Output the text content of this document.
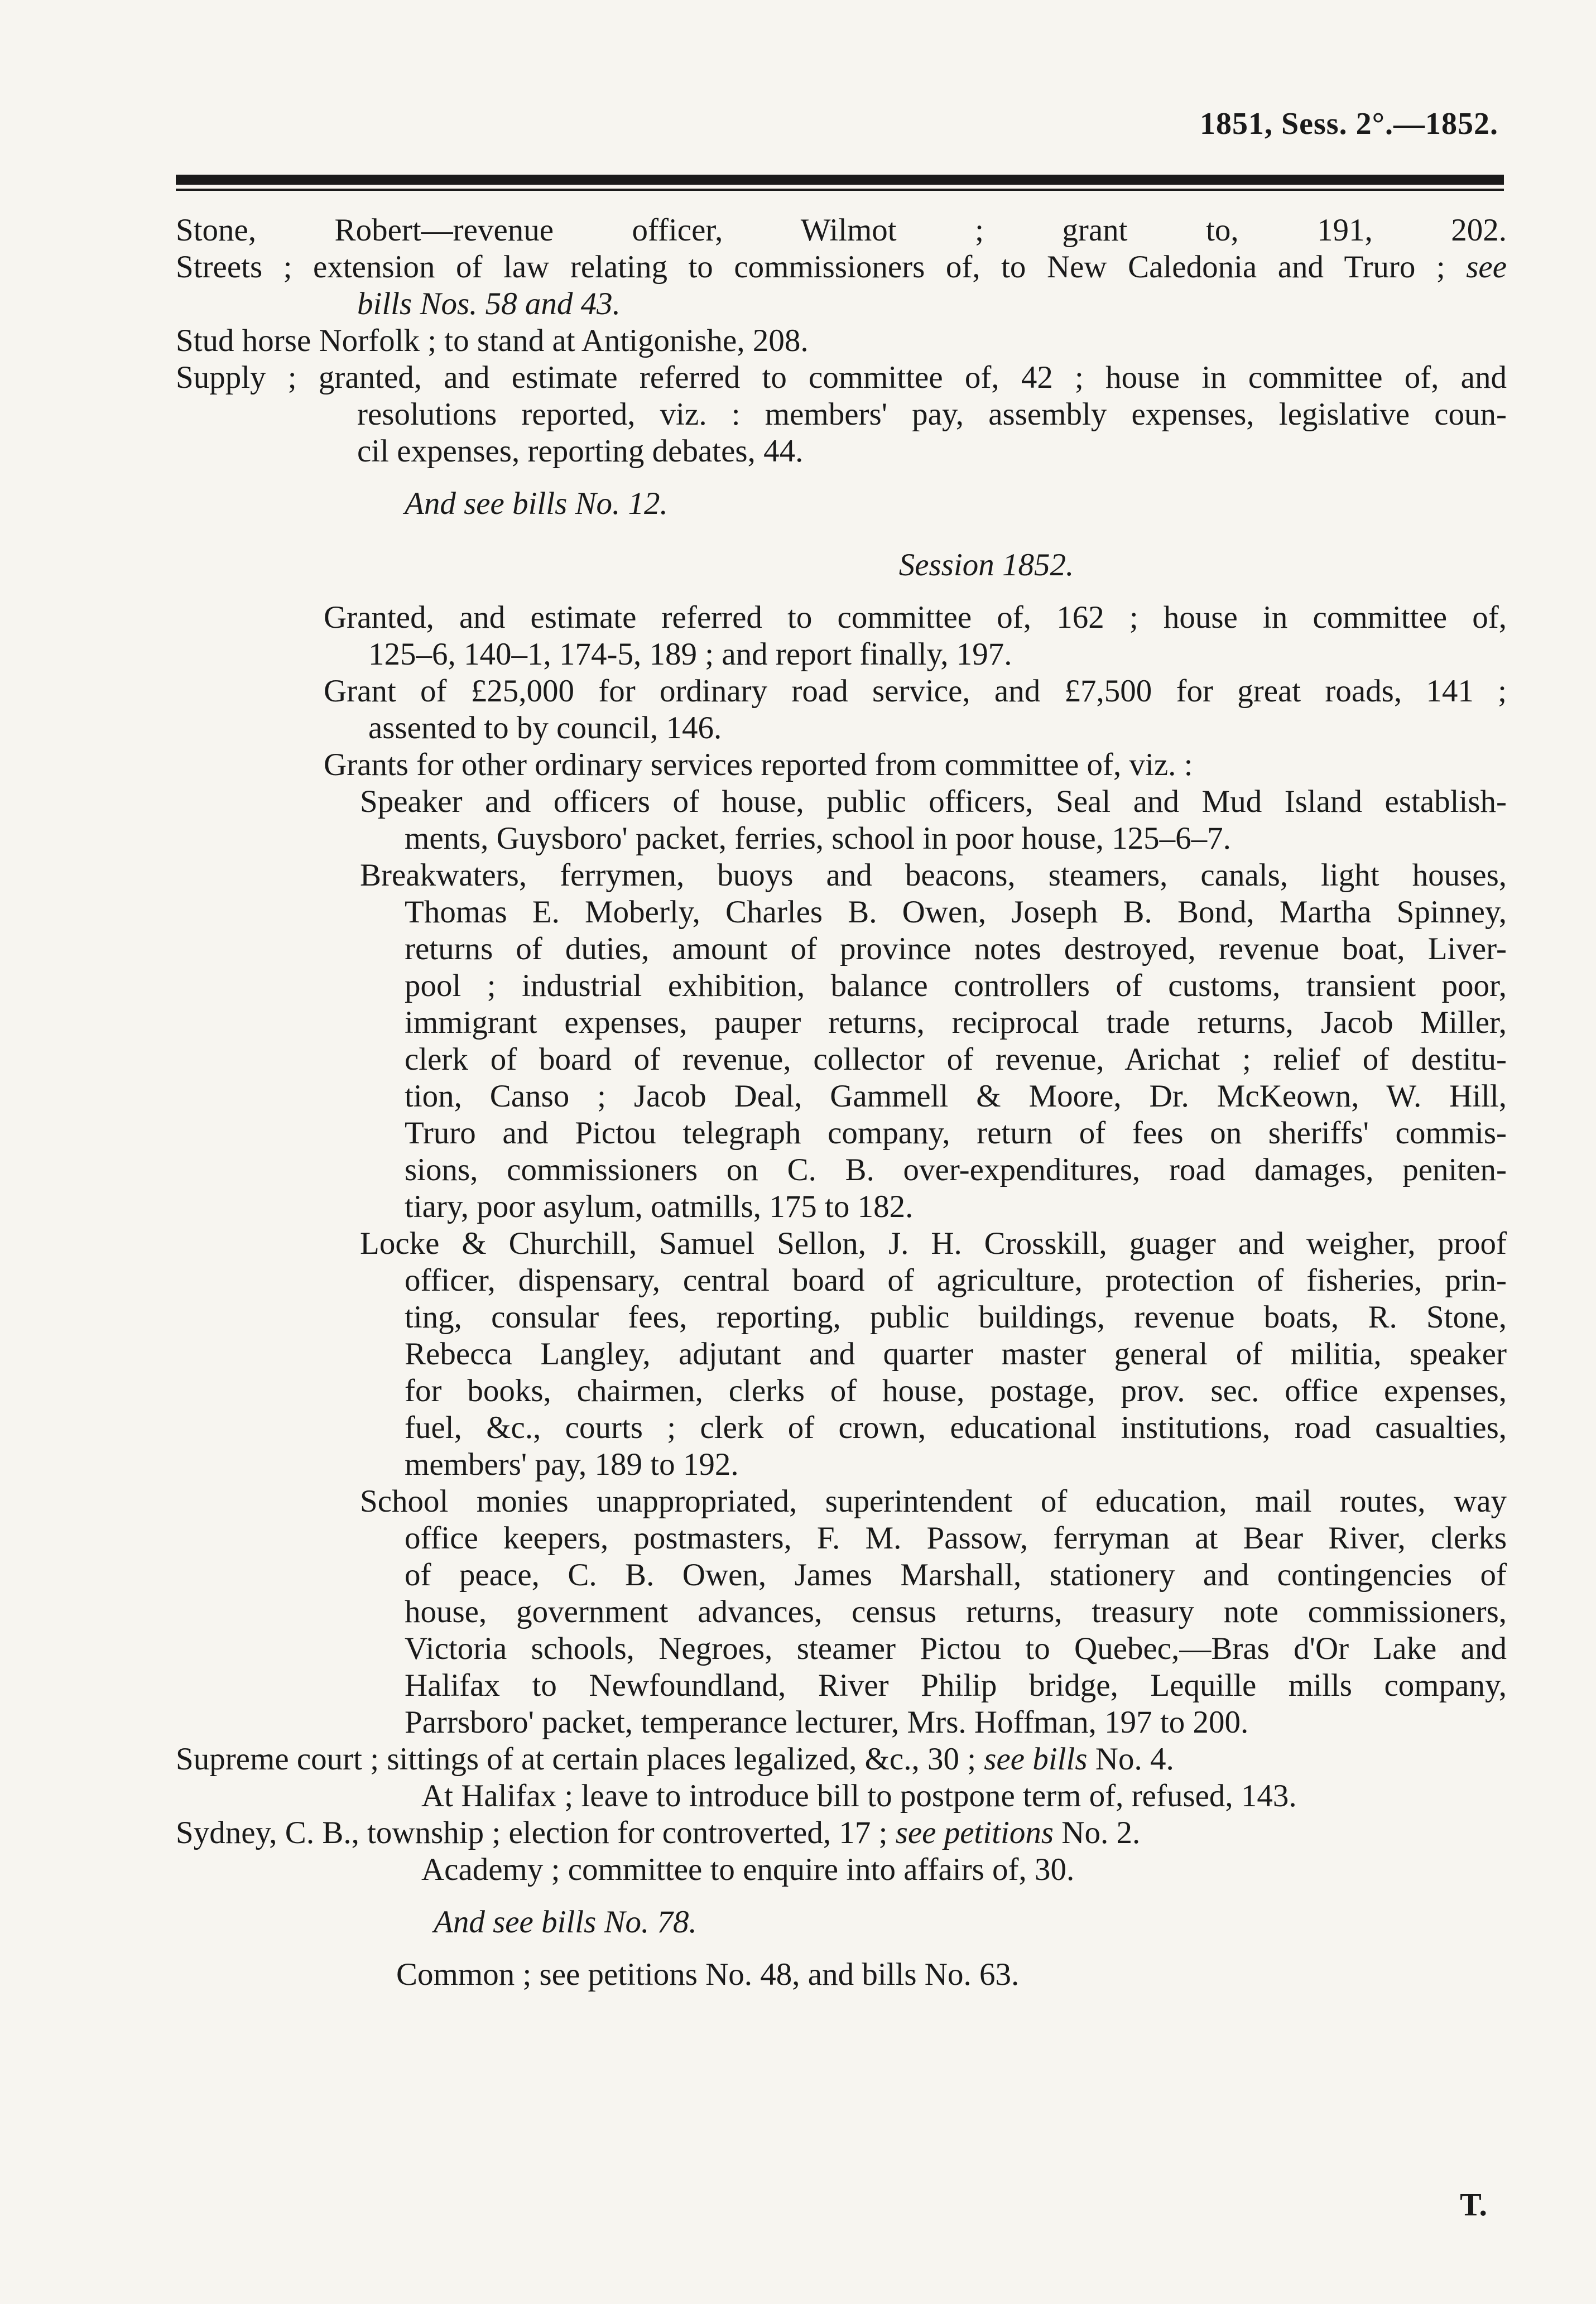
1851, Sess. 2°.—1852.
Stone, Robert—revenue officer, Wilmot ; grant to, 191, 202.
Streets ; extension of law relating to commissioners of, to New Caledonia and Truro ; see
bills Nos. 58 and 43.
Stud horse Norfolk ; to stand at Antigonishe, 208.
Supply ; granted, and estimate referred to committee of, 42 ; house in committee of, and
resolutions reported, viz. : members' pay, assembly expenses, legislative coun-
cil expenses, reporting debates, 44.
And see bills No. 12.
Session 1852.
Granted, and estimate referred to committee of, 162 ; house in committee of,
125–6, 140–1, 174-5, 189 ; and report finally, 197.
Grant of £25,000 for ordinary road service, and £7,500 for great roads, 141 ;
assented to by council, 146.
Grants for other ordinary services reported from committee of, viz. :
Speaker and officers of house, public officers, Seal and Mud Island establish-
ments, Guysboro' packet, ferries, school in poor house, 125–6–7.
Breakwaters, ferrymen, buoys and beacons, steamers, canals, light houses,
Thomas E. Moberly, Charles B. Owen, Joseph B. Bond, Martha Spinney,
returns of duties, amount of province notes destroyed, revenue boat, Liver-
pool ; industrial exhibition, balance controllers of customs, transient poor,
immigrant expenses, pauper returns, reciprocal trade returns, Jacob Miller,
clerk of board of revenue, collector of revenue, Arichat ; relief of destitu-
tion, Canso ; Jacob Deal, Gammell & Moore, Dr. McKeown, W. Hill,
Truro and Pictou telegraph company, return of fees on sheriffs' commis-
sions, commissioners on C. B. over-expenditures, road damages, peniten-
tiary, poor asylum, oatmills, 175 to 182.
Locke & Churchill, Samuel Sellon, J. H. Crosskill, guager and weigher, proof
officer, dispensary, central board of agriculture, protection of fisheries, prin-
ting, consular fees, reporting, public buildings, revenue boats, R. Stone,
Rebecca Langley, adjutant and quarter master general of militia, speaker
for books, chairmen, clerks of house, postage, prov. sec. office expenses,
fuel, &c., courts ; clerk of crown, educational institutions, road casualties,
members' pay, 189 to 192.
School monies unappropriated, superintendent of education, mail routes, way
office keepers, postmasters, F. M. Passow, ferryman at Bear River, clerks
of peace, C. B. Owen, James Marshall, stationery and contingencies of
house, government advances, census returns, treasury note commissioners,
Victoria schools, Negroes, steamer Pictou to Quebec,—Bras d'Or Lake and
Halifax to Newfoundland, River Philip bridge, Lequille mills company,
Parrsboro' packet, temperance lecturer, Mrs. Hoffman, 197 to 200.
Supreme court ; sittings of at certain places legalized, &c., 30 ; see bills No. 4.
At Halifax ; leave to introduce bill to postpone term of, refused, 143.
Sydney, C. B., township ; election for controverted, 17 ; see petitions No. 2.
Academy ; committee to enquire into affairs of, 30.
And see bills No. 78.
Common ; see petitions No. 48, and bills No. 63.
T.
